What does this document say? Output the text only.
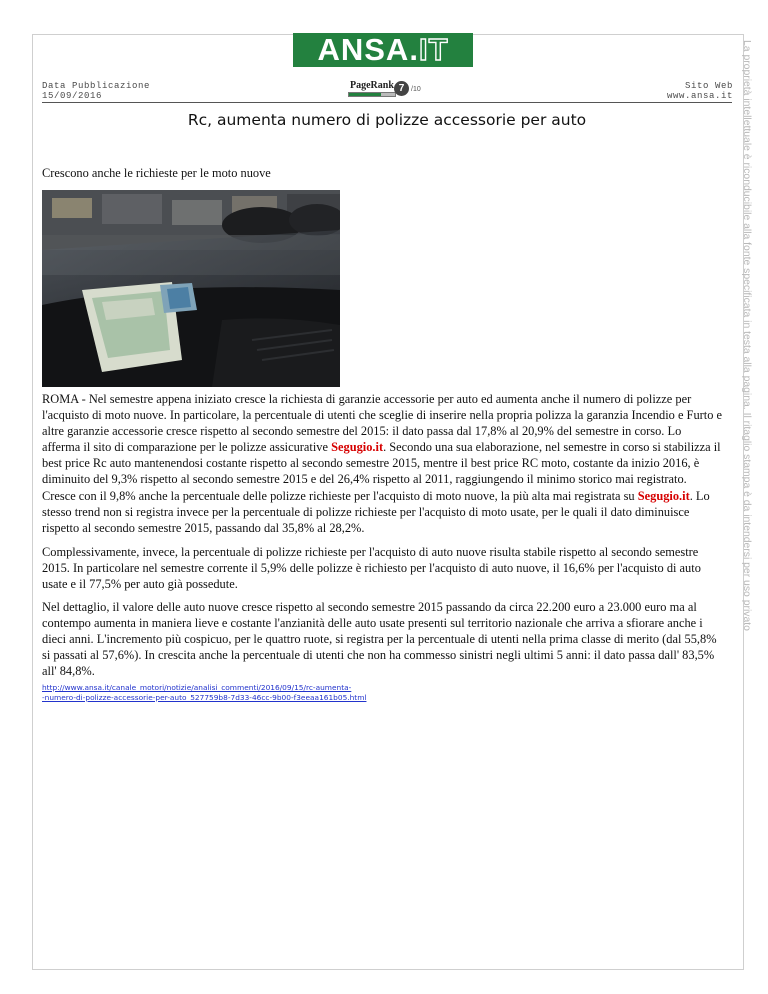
La proprietà intellettuale è riconducibile alla fonte specificata in testa alla pagina. Il ritaglio stampa è da intendersi per uso privato
ANSA . IT
Data Pubblicazione
15/09/2016
PageRank 7 /10	Sito Web
www.ansa.it
Rc, aumenta numero di polizze accessorie per auto
Crescono anche le richieste per le moto nuove

ROMA - Nel semestre appena iniziato cresce la richiesta di garanzie accessorie per auto ed aumenta anche il numero di polizze per l'acquisto di moto nuove. In particolare, la percentuale di utenti che sceglie di inserire nella propria polizza la garanzia Incendio e Furto e altre garanzie accessorie cresce rispetto al secondo semestre del 2015: il dato passa dal 17,8% al 20,9% del semestre in corso. Lo afferma il sito di comparazione per le polizze assicurative Segugio.it. Secondo una sua elaborazione, nel semestre in corso si stabilizza il best price Rc auto mantenendosi costante rispetto al secondo semestre 2015, mentre il best price RC moto, costante da inizio 2016, è diminuito del 9,3% rispetto al secondo semestre 2015 e del 26,4% rispetto al 2011, raggiungendo il minimo storico mai registrato.

Cresce con il 9,8% anche la percentuale delle polizze richieste per l'acquisto di moto nuove, la più alta mai registrata su Segugio.it. Lo stesso trend non si registra invece per la percentuale di polizze richieste per l'acquisto di moto usate, per le quali il dato diminuisce rispetto al secondo semestre 2015, passando dal 35,8% al 28,2%.

Complessivamente, invece, la percentuale di polizze richieste per l'acquisto di auto nuove risulta stabile rispetto al secondo semestre 2015. In particolare nel semestre corrente il 5,9% delle polizze è richiesto per l'acquisto di auto nuove, il 16,6% per l'acquisto di auto usate e il 77,5% per auto già possedute.

Nel dettaglio, il valore delle auto nuove cresce rispetto al secondo semestre 2015 passando da circa 22.200 euro a 23.000 euro ma al contempo aumenta in maniera lieve e costante l'anzianità delle auto usate presenti sul territorio nazionale che arriva a sfiorare anche i dieci anni. L'incremento più cospicuo, per le quattro ruote, si registra per la percentuale di utenti nella prima classe di merito (dal 55,8% si passati al 57,6%). In crescita anche la percentuale di utenti che non ha commesso sinistri negli ultimi 5 anni: il dato passa dall' 83,5% all' 84,8%.

http://www.ansa.it/canale_motori/notizie/analisi_commenti/2016/09/15/rc-aumenta-
-numero-di-polizze-accessorie-per-auto_527759b8-7d33-46cc-9b00-f3eeaa161b05.html
